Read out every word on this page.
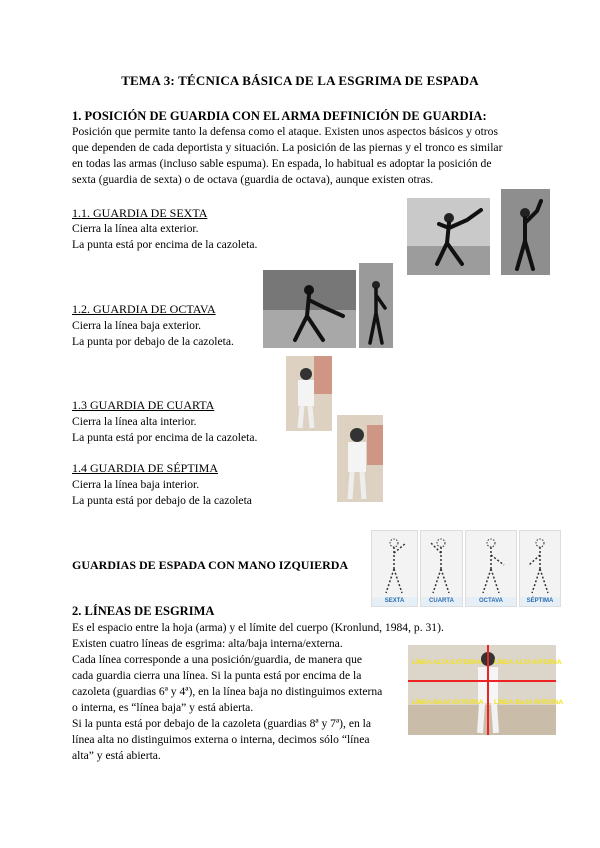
TEMA 3: TÉCNICA BÁSICA DE LA ESGRIMA DE ESPADA
1. POSICIÓN DE GUARDIA CON EL ARMA DEFINICIÓN DE GUARDIA:
Posición que permite tanto la defensa como el ataque. Existen unos aspectos básicos y otros
que dependen de cada deportista y situación. La posición de las piernas y el tronco es similar
en todas las armas (incluso sable espuma). En espada, lo habitual es adoptar la posición de
sexta (guardia de sexta) o de octava (guardia de octava), aunque existen otras.
1.1. GUARDIA DE SEXTA
Cierra la línea alta exterior.
La punta está por encima de la cazoleta.
1.2. GUARDIA DE OCTAVA
Cierra la línea baja exterior.
La punta por debajo de la cazoleta.
1.3 GUARDIA DE CUARTA
Cierra la línea alta interior.
La punta está por encima de la cazoleta.
1.4 GUARDIA DE SÉPTIMA
Cierra la línea baja interior.
La punta está por debajo de la cazoleta
GUARDIAS DE ESPADA CON MANO IZQUIERDA
SEXTA	CUARTA	OCTAVA	SÉPTIMA
2. LÍNEAS DE ESGRIMA
Es el espacio entre la hoja (arma) y el límite del cuerpo (Kronlund, 1984, p. 31).
Existen cuatro líneas de esgrima: alta/baja interna/externa.
Cada línea corresponde a una posición/guardia, de manera que
cada guardia cierra una línea. Si la punta está por encima de la
cazoleta (guardias 6ª y 4ª), en la línea baja no distinguimos externa
o interna, es “línea baja” y está abierta.
Si la punta está por debajo de la cazoleta (guardias 8ª y 7ª), en la
línea alta no distinguimos externa o interna, decimos sólo “línea
alta” y está abierta.
LÍNEA ALTA EXTERNA LÍNEA ALTA INTERNA
LÍNEA BAJA EXTERNA LÍNEA BAJA INTERNA
